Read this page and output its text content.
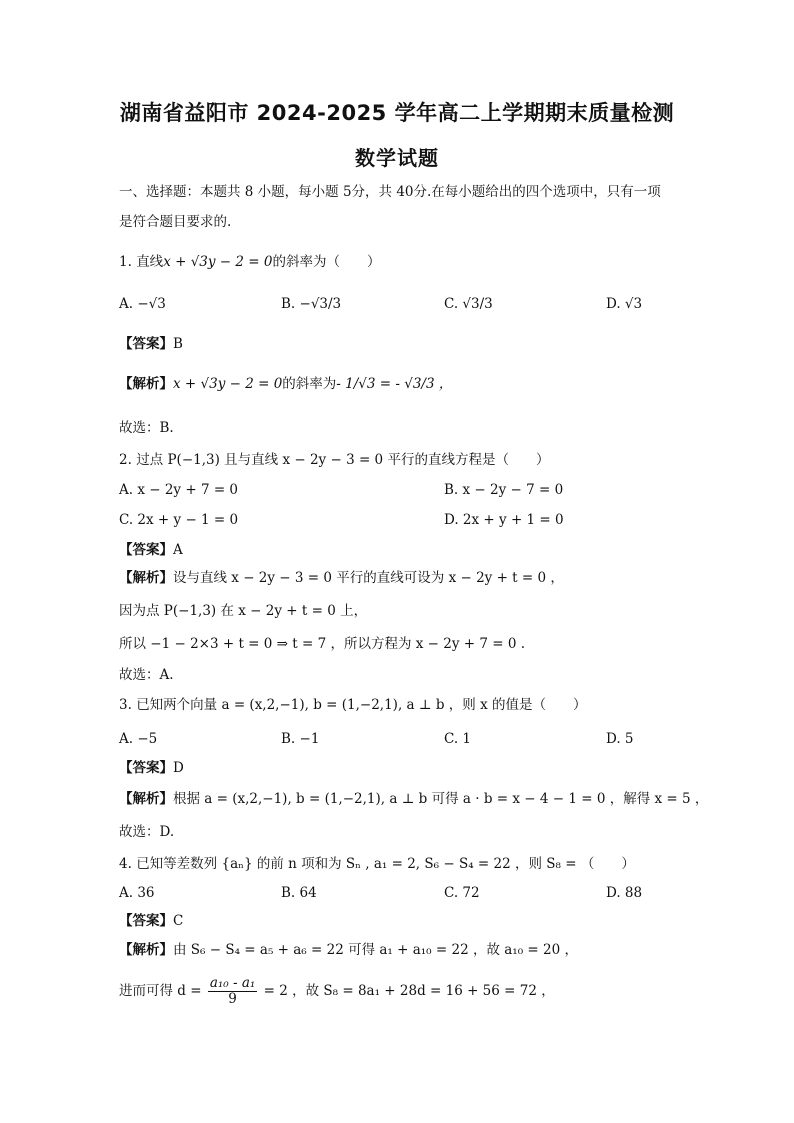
湖南省益阳市 2024-2025 学年高二上学期期末质量检测
数学试题
一、选择题：本题共 8 小题，每小题 5分，共 40分.在每小题给出的四个选项中，只有一项
是符合题目要求的.
1. 直线x + √3y − 2 = 0的斜率为（　　）
A. −√3	B. −√3/3	C. √3/3	D. √3
【答案】B
【解析】x + √3y − 2 = 0的斜率为- 1/√3 = - √3/3 ，
故选：B.
2. 过点 P(−1,3) 且与直线 x − 2y − 3 = 0 平行的直线方程是（　　）
A. x − 2y + 7 = 0	B. x − 2y − 7 = 0
C. 2x + y − 1 = 0	D. 2x + y + 1 = 0
【答案】A
【解析】设与直线 x − 2y − 3 = 0 平行的直线可设为 x − 2y + t = 0 ，
因为点 P(−1,3) 在 x − 2y + t = 0 上，
所以 −1 − 2×3 + t = 0 ⇒ t = 7 ，所以方程为 x − 2y + 7 = 0 .
故选：A.
3. 已知两个向量 a = (x,2,−1), b = (1,−2,1), a ⊥ b ，则 x 的值是（　　）
A. −5	B. −1	C. 1	D. 5
【答案】D
【解析】根据 a = (x,2,−1), b = (1,−2,1), a ⊥ b 可得 a · b = x − 4 − 1 = 0 ，解得 x = 5 ，
故选：D.
4. 已知等差数列 {aₙ} 的前 n 项和为 Sₙ , a₁ = 2, S₆ − S₄ = 22 ，则 S₈ = （　　）
A. 36	B. 64	C. 72	D. 88
【答案】C
【解析】由 S₆ − S₄ = a₅ + a₆ = 22 可得 a₁ + a₁₀ = 22 ，故 a₁₀ = 20 ，
进而可得 $d = \frac{\text{a₁₀ - a₁}}{9} = 2$ ，故 S₈ = 8a₁ + 28d = 16 + 56 = 72 ，
